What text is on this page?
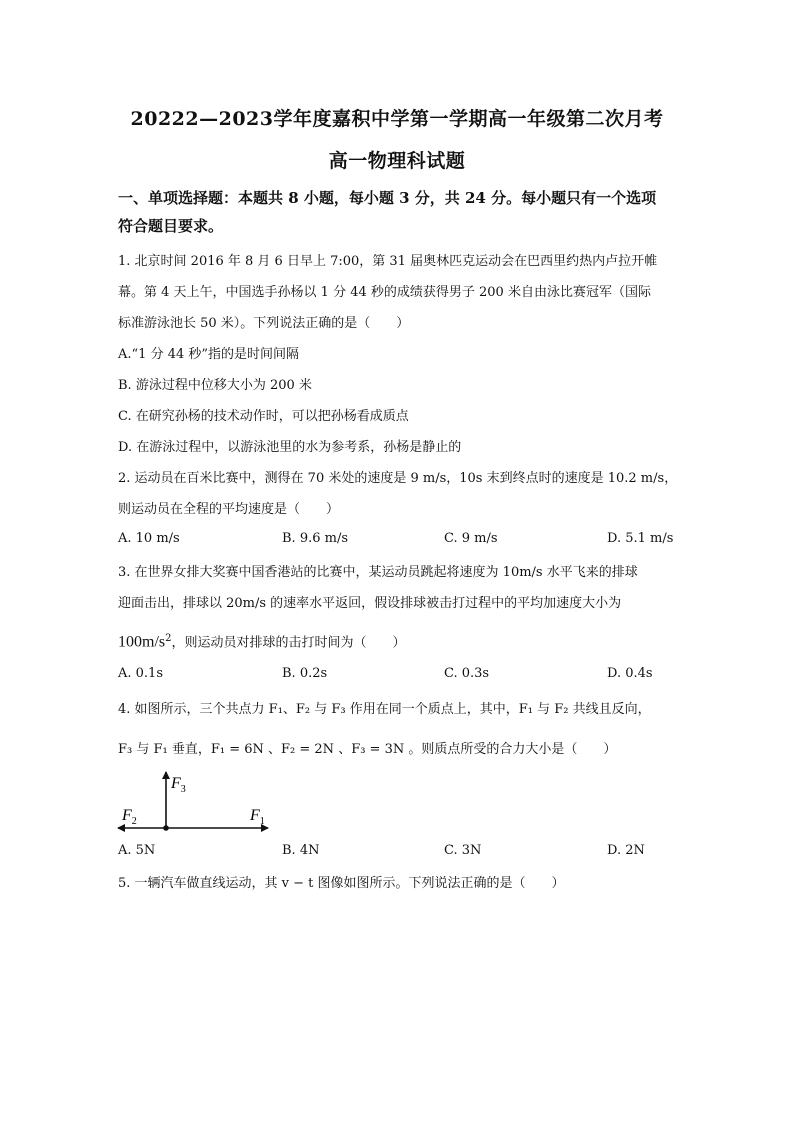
20222—2023学年度嘉积中学第一学期高一年级第二次月考
高一物理科试题
一、单项选择题：本题共 8 小题，每小题 3 分，共 24 分。每小题只有一个选项
符合题目要求。
1. 北京时间 2016 年 8 月 6 日早上 7:00，第 31 届奥林匹克运动会在巴西里约热内卢拉开帷
幕。第 4 天上午，中国选手孙杨以 1 分 44 秒的成绩获得男子 200 米自由泳比赛冠军（国际
标准游泳池长 50 米）。下列说法正确的是（　　）
A.“1 分 44 秒”指的是时间间隔
B. 游泳过程中位移大小为 200 米
C. 在研究孙杨的技术动作时，可以把孙杨看成质点
D. 在游泳过程中，以游泳池里的水为参考系，孙杨是静止的
2. 运动员在百米比赛中，测得在 70 米处的速度是 9 m/s，10s 末到终点时的速度是 10.2 m/s，
则运动员在全程的平均速度是（　　）
A. 10 m/s	B. 9.6 m/s	C. 9 m/s	D. 5.1 m/s
3. 在世界女排大奖赛中国香港站的比赛中，某运动员跳起将速度为 10m/s 水平飞来的排球
迎面击出，排球以 20m/s 的速率水平返回，假设排球被击打过程中的平均加速度大小为
$100m/s^2$，则运动员对排球的击打时间为（　　）
A. 0.1s	B. 0.2s	C. 0.3s	D. 0.4s
4. 如图所示，三个共点力 F₁、F₂ 与 F₃ 作用在同一个质点上，其中，F₁ 与 F₂ 共线且反向，
F₃ 与 F₁ 垂直，F₁ = 6N 、F₂ = 2N 、F₃ = 3N 。则质点所受的合力大小是（　　）
$F_3$
$F_2$	$F_1$
A. 5N	B. 4N	C. 3N	D. 2N
5. 一辆汽车做直线运动，其 v − t 图像如图所示。下列说法正确的是（　　）
